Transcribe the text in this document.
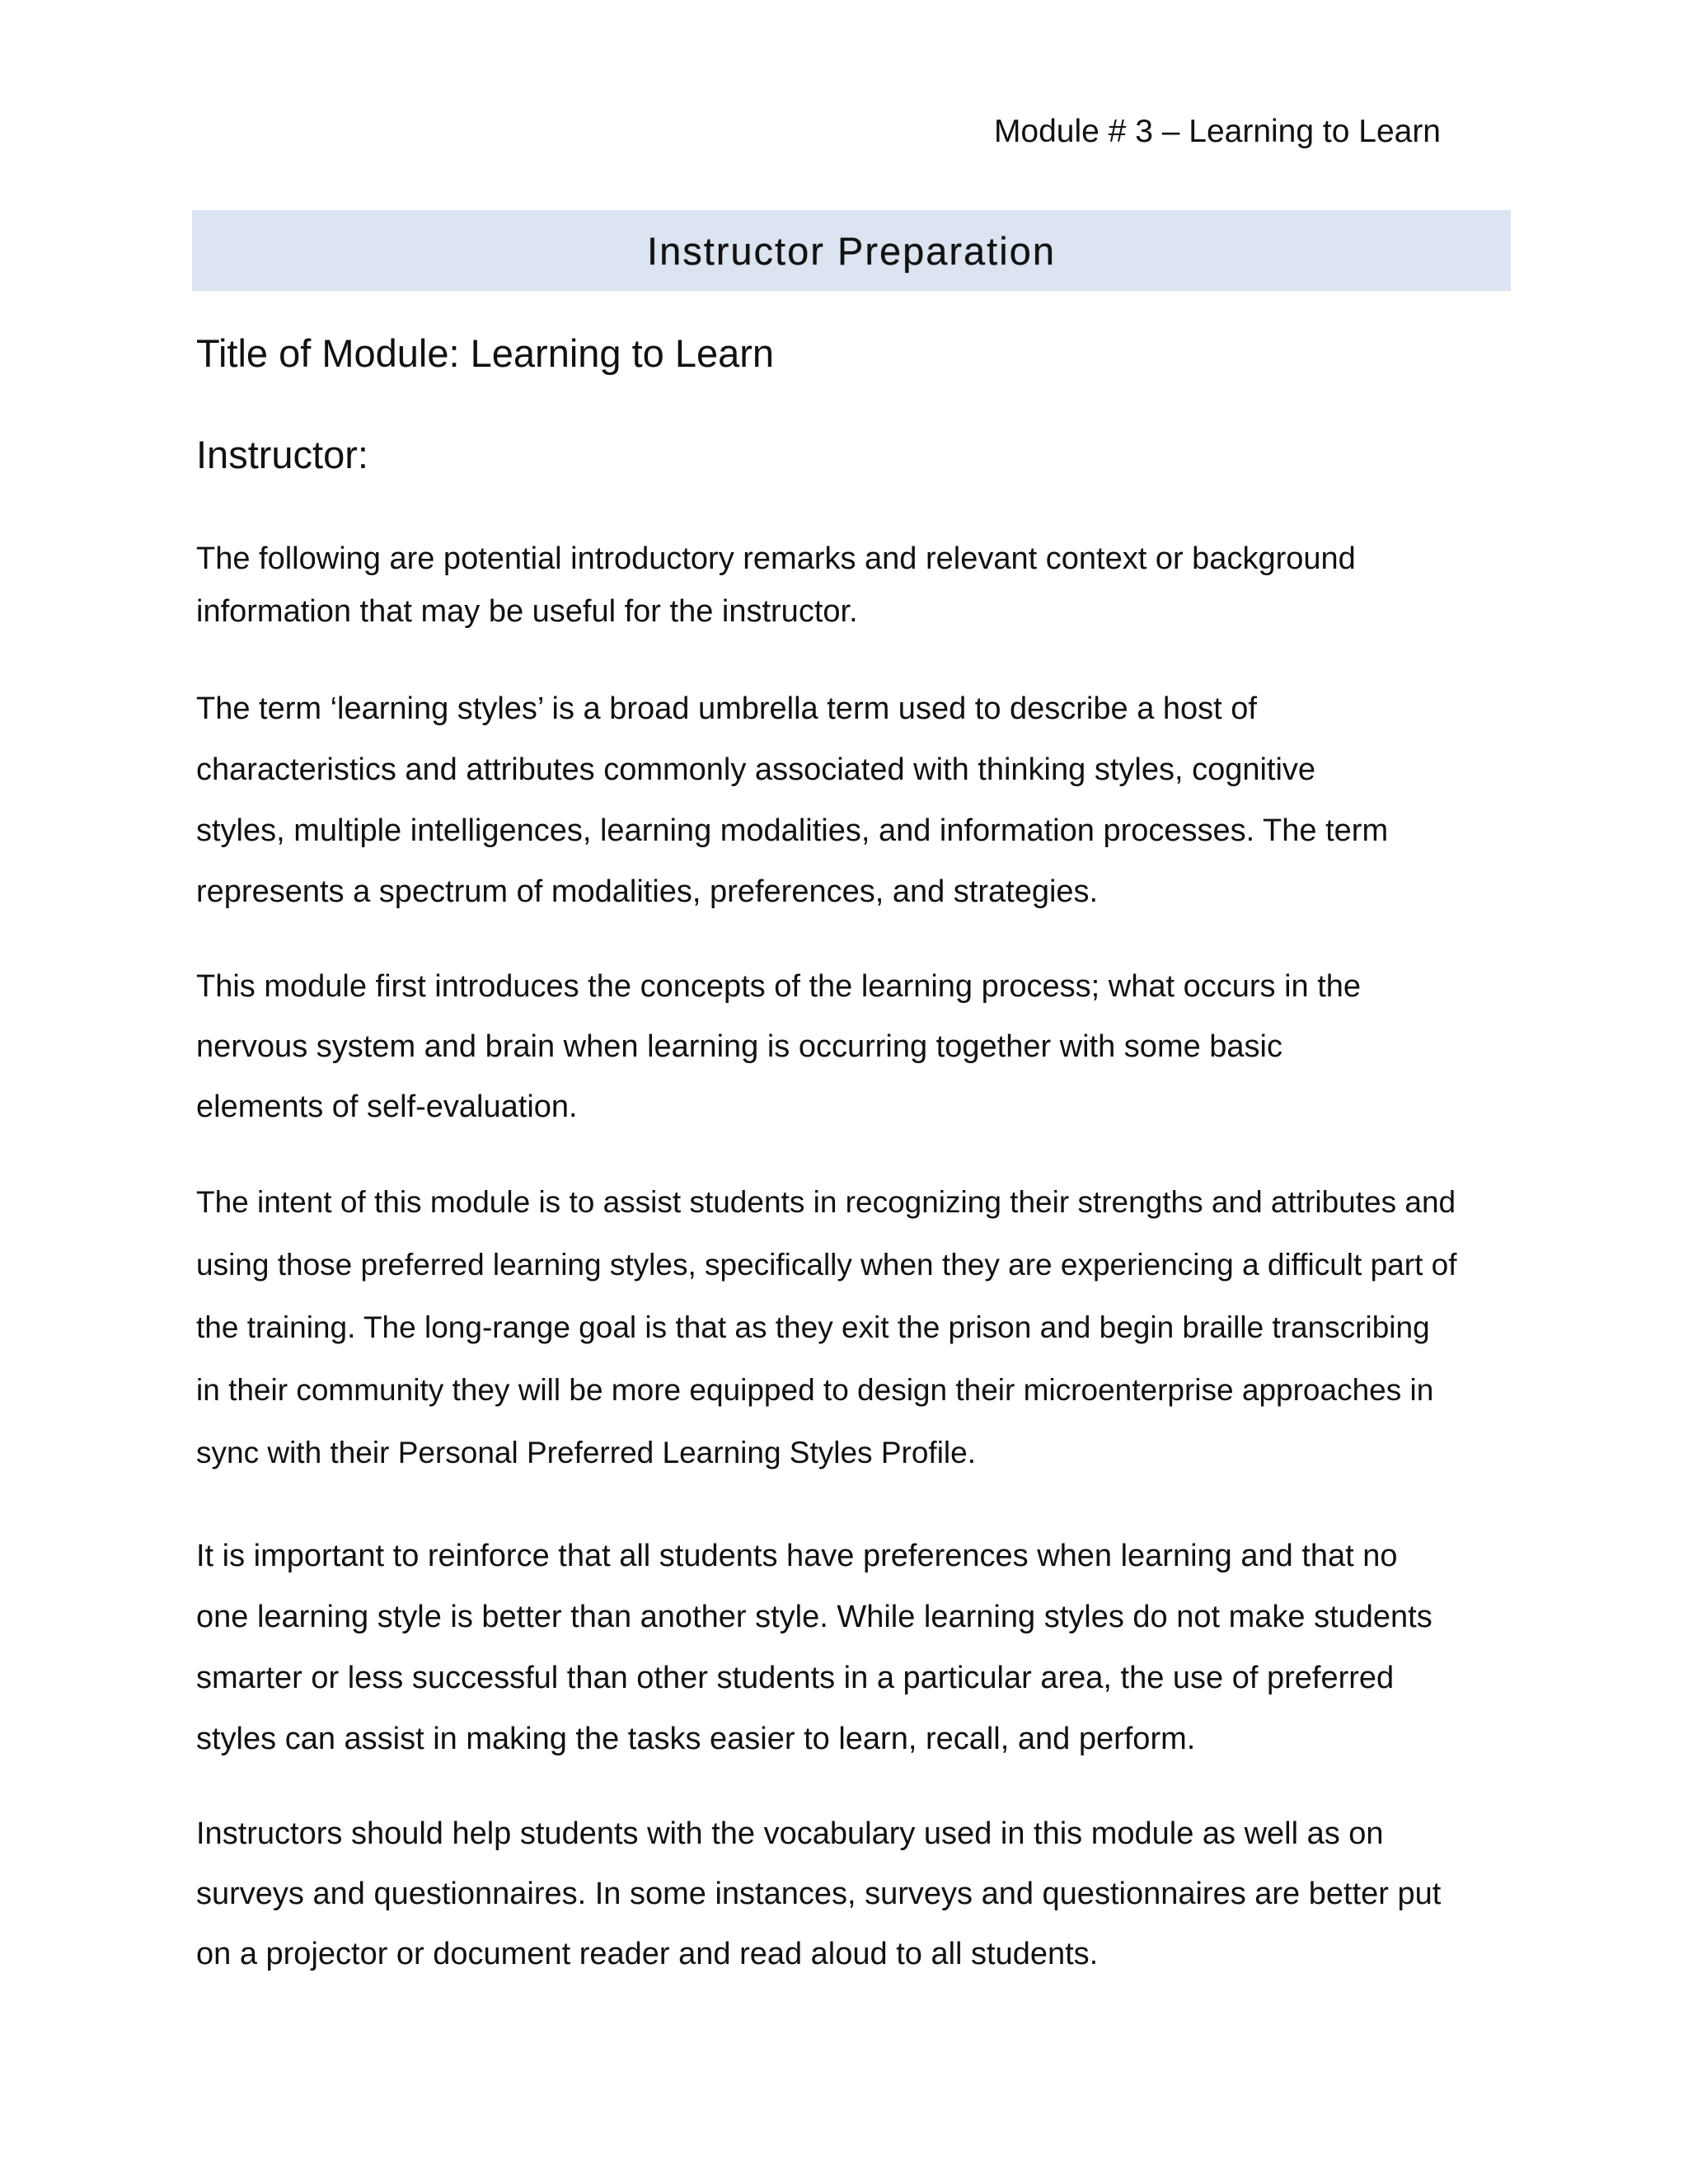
Module # 3 – Learning to Learn
Instructor Preparation
Title of Module: Learning to Learn
Instructor:

The following are potential introductory remarks and relevant context or background
information that may be useful for the instructor.

The term ‘learning styles’ is a broad umbrella term used to describe a host of
characteristics and attributes commonly associated with thinking styles, cognitive
styles, multiple intelligences, learning modalities, and information processes. The term
represents a spectrum of modalities, preferences, and strategies.

This module first introduces the concepts of the learning process; what occurs in the
nervous system and brain when learning is occurring together with some basic
elements of self-evaluation.

The intent of this module is to assist students in recognizing their strengths and attributes and
using those preferred learning styles, specifically when they are experiencing a difficult part of
the training. The long-range goal is that as they exit the prison and begin braille transcribing
in their community they will be more equipped to design their microenterprise approaches in
sync with their Personal Preferred Learning Styles Profile.

It is important to reinforce that all students have preferences when learning and that no
one learning style is better than another style. While learning styles do not make students
smarter or less successful than other students in a particular area, the use of preferred
styles can assist in making the tasks easier to learn, recall, and perform.

Instructors should help students with the vocabulary used in this module as well as on
surveys and questionnaires. In some instances, surveys and questionnaires are better put
on a projector or document reader and read aloud to all students.
